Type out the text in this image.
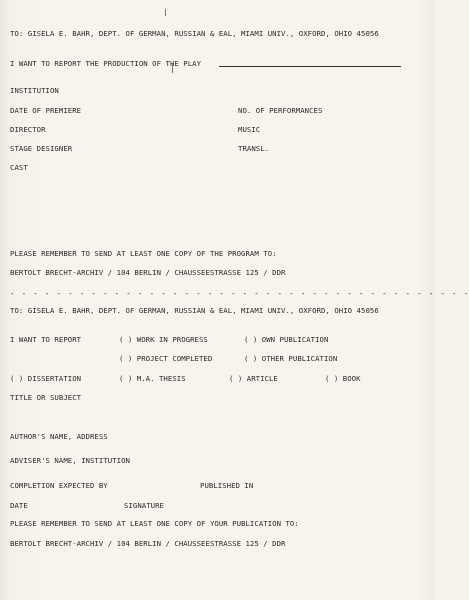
TO: GISELA E. BAHR, DEPT. OF GERMAN, RUSSIAN & EAL, MIAMI UNIV., OXFORD, OHIO 45056
I WANT TO REPORT THE PRODUCTION OF THE PLAY
INSTITUTION
DATE OF PREMIERE	NO. OF PERFORMANCES
DIRECTOR	MUSIC
STAGE DESIGNER	TRANSL.
CAST
PLEASE REMEMBER TO SEND AT LEAST ONE COPY OF THE PROGRAM TO:
BERTOLT BRECHT-ARCHIV / 104 BERLIN / CHAUSSEESTRASSE 125 / DDR
- - - - - - - - - - - - - - - - - - - - - - - - - - - - - - - - - - - - - - - -
TO: GISELA E. BAHR, DEPT. OF GERMAN, RUSSIAN & EAL, MIAMI UNIV., OXFORD, OHIO 45056
I WANT TO REPORT	( ) WORK IN PROGRESS	( ) OWN PUBLICATION
( ) PROJECT COMPLETED	( ) OTHER PUBLICATION
( ) DISSERTATION	( ) M.A. THESIS	( ) ARTICLE	( ) BOOK
TITLE OR SUBJECT
AUTHOR'S NAME, ADDRESS
ADVISER'S NAME, INSTITUTION
COMPLETION EXPECTED BY	PUBLISHED IN
DATE	SIGNATURE
PLEASE REMEMBER TO SEND AT LEAST ONE COPY OF YOUR PUBLICATION TO:
BERTOLT BRECHT-ARCHIV / 104 BERLIN / CHAUSSEESTRASSE 125 / DDR
